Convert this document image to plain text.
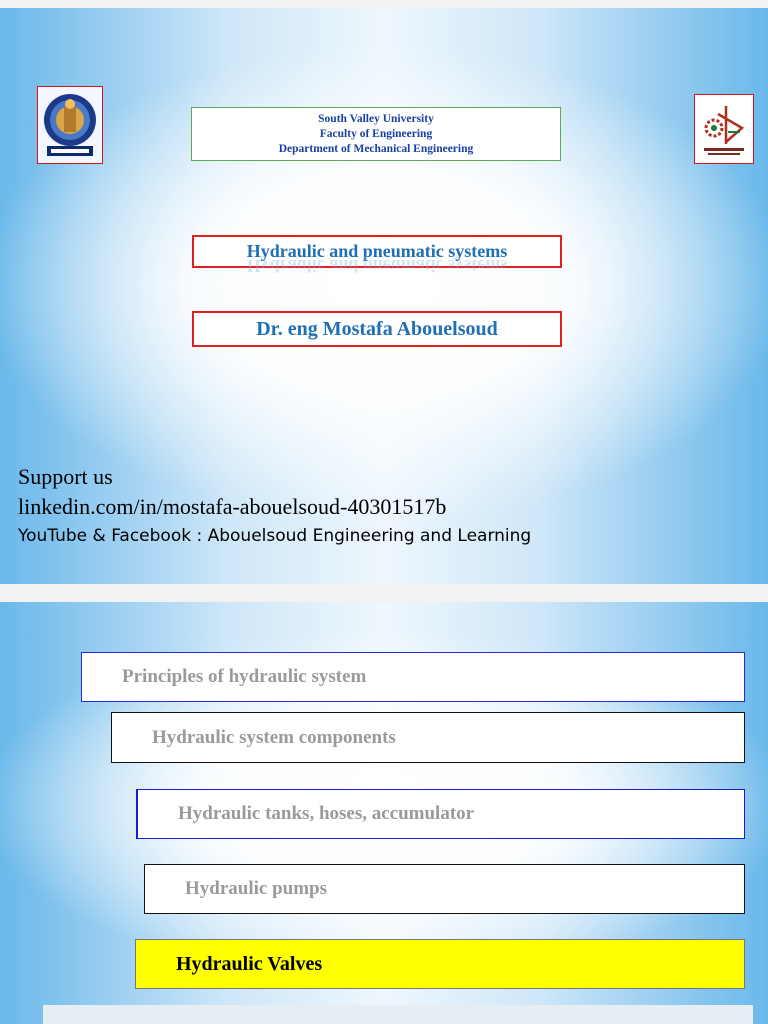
South Valley University
Faculty of Engineering
Department of Mechanical Engineering
Hydraulic and pneumatic systems
Hydraulic and pneumatic systems
Dr. eng Mostafa Abouelsoud
Support us
linkedin.com/in/mostafa-abouelsoud-40301517b
YouTube & Facebook : Abouelsoud Engineering and Learning
Principles of hydraulic system
Hydraulic system components
Hydraulic tanks, hoses, accumulator
Hydraulic pumps
Hydraulic Valves
